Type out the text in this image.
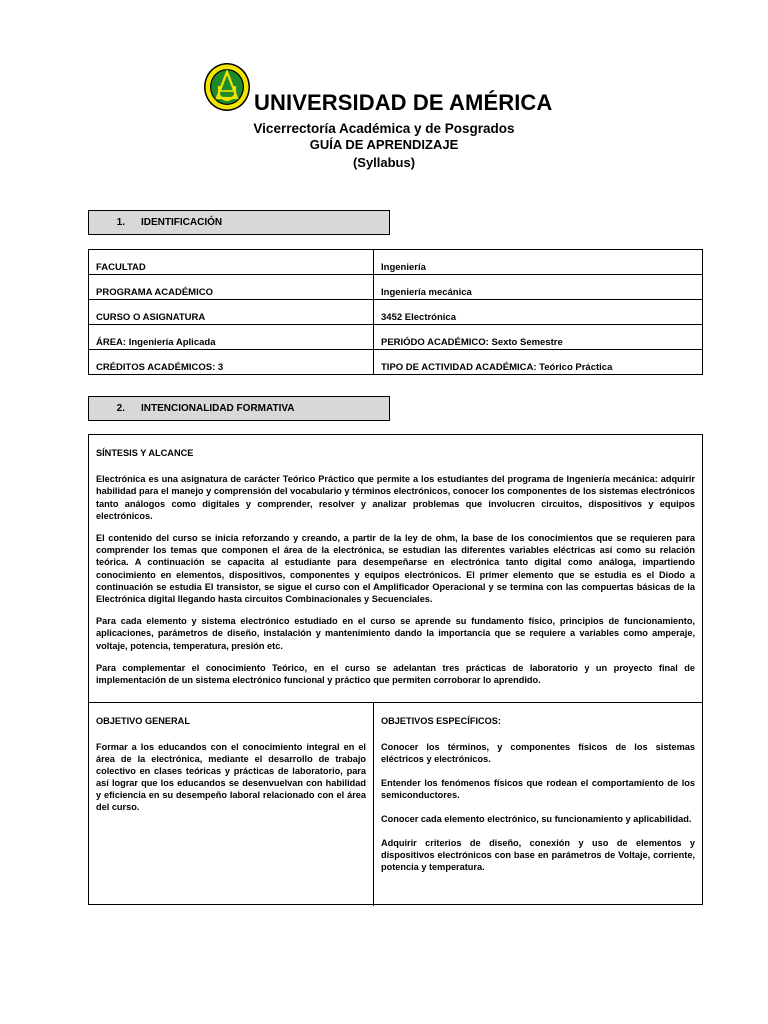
UNIVERSIDAD DE AMÉRICA
Vicerrectoría Académica y de Posgrados
GUÍA DE APRENDIZAJE
(Syllabus)
1.	IDENTIFICACIÓN
FACULTAD	Ingeniería
PROGRAMA ACADÉMICO	Ingeniería mecánica
CURSO O ASIGNATURA	3452 Electrónica
ÁREA: Ingeniería Aplicada	PERIÓDO ACADÉMICO: Sexto Semestre
CRÉDITOS ACADÉMICOS: 3	TIPO DE ACTIVIDAD ACADÉMICA: Teórico Práctica
2.	INTENCIONALIDAD FORMATIVA
SÍNTESIS Y ALCANCE

Electrónica es una asignatura de carácter Teórico Práctico que permite a los estudiantes del programa de Ingeniería mecánica: adquirir habilidad para el manejo y comprensión del vocabulario y términos electrónicos, conocer los componentes de los sistemas electrónicos tanto análogos como digitales y comprender, resolver y analizar problemas que involucren circuitos, dispositivos y equipos electrónicos.

El contenido del curso se inicia reforzando y creando, a partir de la ley de ohm, la base de los conocimientos que se requieren para comprender los temas que componen el área de la electrónica, se estudian las diferentes variables eléctricas así como su relación teórica. A continuación se capacita al estudiante para desempeñarse en electrónica tanto digital como análoga, impartiendo conocimiento en elementos, dispositivos, componentes y equipos electrónicos. El primer elemento que se estudia es el Diodo a continuación se estudia El transistor, se sigue el curso con el Amplificador Operacional y se termina con las compuertas básicas de la Electrónica digital llegando hasta circuitos Combinacionales y Secuenciales.

Para cada elemento y sistema electrónico estudiado en el curso se aprende su fundamento físico, principios de funcionamiento, aplicaciones, parámetros de diseño, instalación y mantenimiento dando la importancia que se requiere a variables como amperaje, voltaje, potencia, temperatura, presión etc.

Para complementar el conocimiento Teórico, en el curso se adelantan tres prácticas de laboratorio y un proyecto final de implementación de un sistema electrónico funcional y práctico que permiten corroborar lo aprendido.

OBJETIVO GENERAL

Formar a los educandos con el conocimiento integral en el área de la electrónica, mediante el desarrollo de trabajo colectivo en clases teóricas y prácticas de laboratorio, para así lograr que los educandos se desenvuelvan con habilidad y eficiencia en su desempeño laboral relacionado con el área del curso.

OBJETIVOS ESPECÍFICOS:

Conocer los términos, y componentes físicos de los sistemas eléctricos y electrónicos.

Entender los fenómenos físicos que rodean el comportamiento de los semiconductores.

Conocer cada elemento electrónico, su funcionamiento y aplicabilidad.

Adquirir criterios de diseño, conexión y uso de elementos y dispositivos electrónicos con base en parámetros de Voltaje, corriente, potencia y temperatura.
